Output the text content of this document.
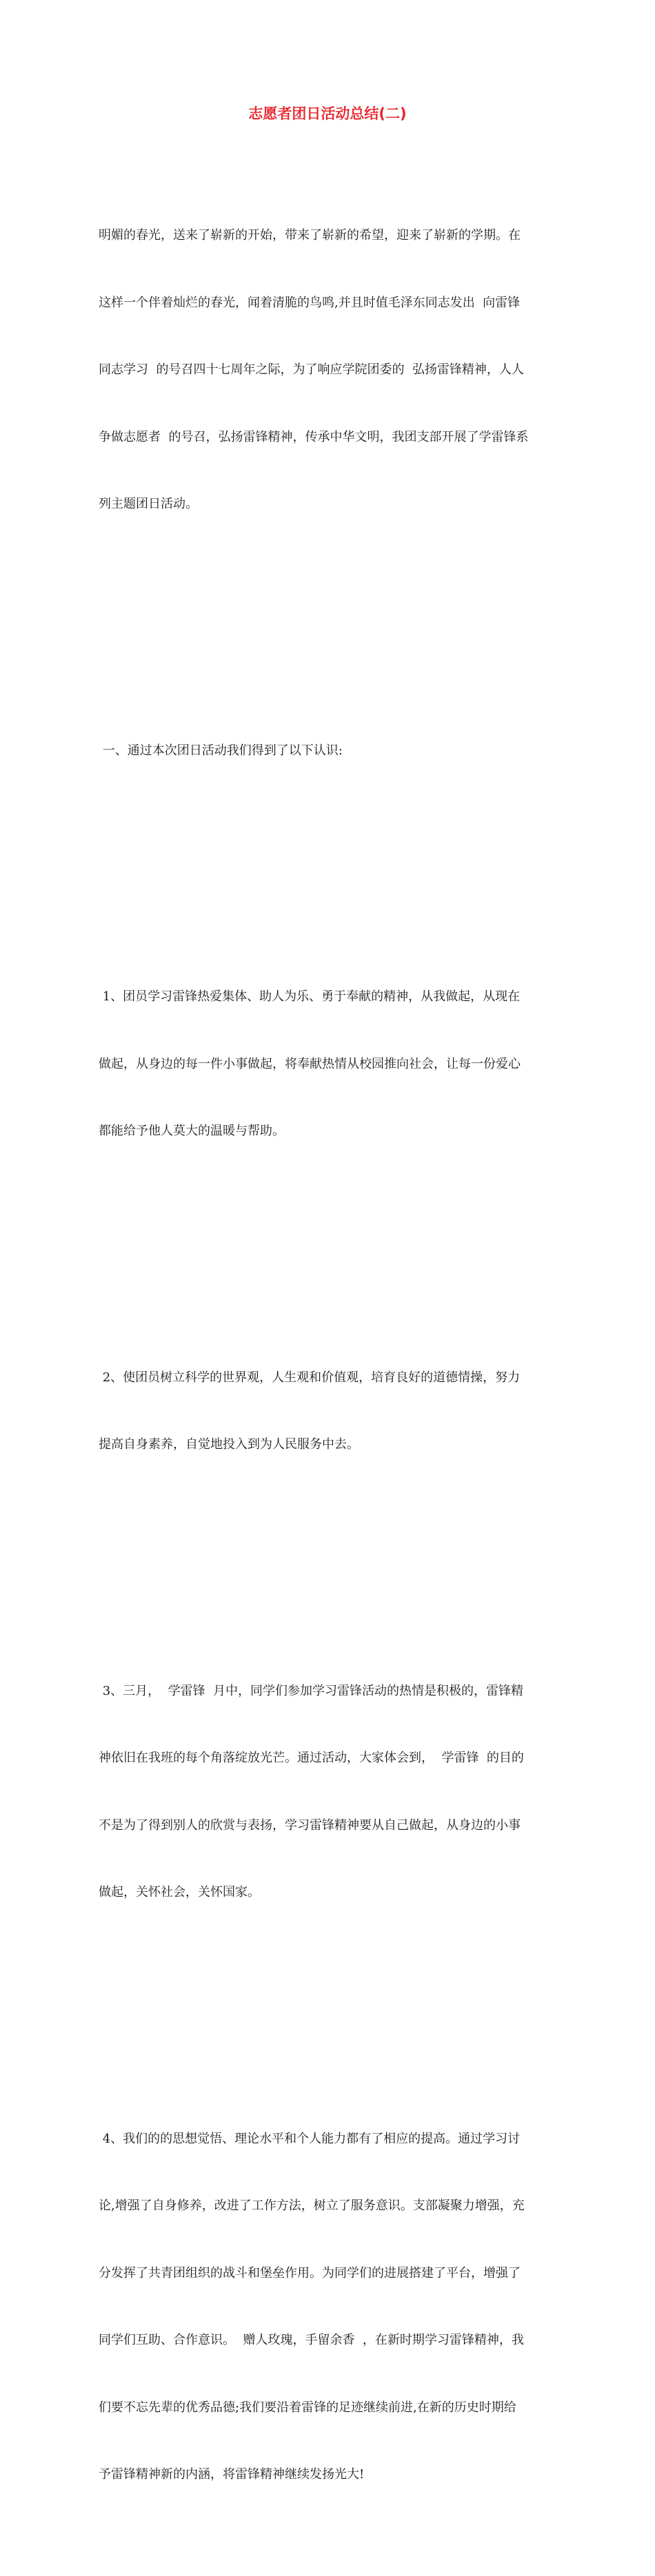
志愿者团日活动总结(二)

明媚的春光，送来了崭新的开始，带来了崭新的希望，迎来了崭新的学期。在

这样一个伴着灿烂的春光，闻着清脆的鸟鸣,并且时值毛泽东同志发出  向雷锋

同志学习  的号召四十七周年之际，为了响应学院团委的  弘扬雷锋精神，人人

争做志愿者  的号召，弘扬雷锋精神，传承中华文明，我团支部开展了学雷锋系

列主题团日活动。

一、通过本次团日活动我们得到了以下认识:

1、团员学习雷锋热爱集体、助人为乐、勇于奉献的精神，从我做起，从现在

做起，从身边的每一件小事做起，将奉献热情从校园推向社会，让每一份爱心

都能给予他人莫大的温暖与帮助。

2、使团员树立科学的世界观，人生观和价值观，培育良好的道德情操，努力

提高自身素养，自觉地投入到为人民服务中去。

3、三月，  学雷锋  月中，同学们参加学习雷锋活动的热情是积极的，雷锋精

神依旧在我班的每个角落绽放光芒。通过活动，大家体会到，  学雷锋  的目的

不是为了得到别人的欣赏与表扬，学习雷锋精神要从自己做起，从身边的小事

做起，关怀社会，关怀国家。

4、我们的的思想觉悟、理论水平和个人能力都有了相应的提高。通过学习讨

论,增强了自身修养，改进了工作方法，树立了服务意识。支部凝聚力增强，充

分发挥了共青团组织的战斗和堡垒作用。为同学们的进展搭建了平台，增强了

同学们互助、合作意识。  赠人玫瑰，手留余香  ，在新时期学习雷锋精神，我

们要不忘先辈的优秀品德;我们要沿着雷锋的足迹继续前进,在新的历史时期给

予雷锋精神新的内涵，将雷锋精神继续发扬光大!
